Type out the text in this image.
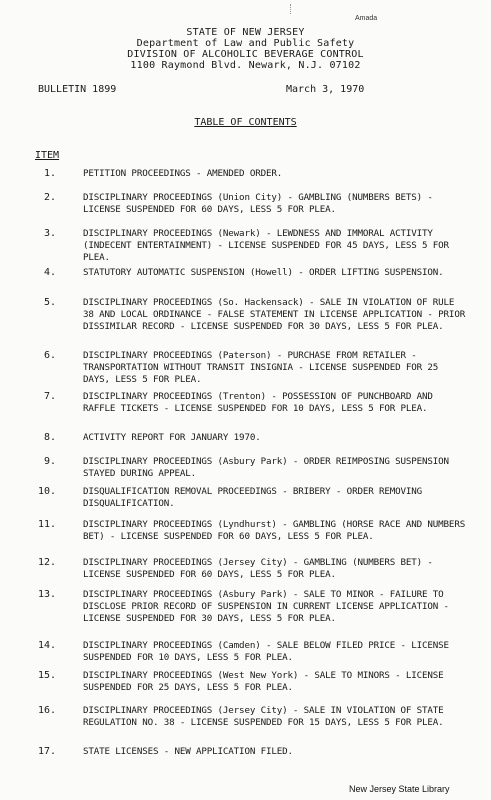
Amada
STATE OF NEW JERSEY
Department of Law and Public Safety
DIVISION OF ALCOHOLIC BEVERAGE CONTROL
1100 Raymond Blvd. Newark, N.J. 07102
BULLETIN 1899	March 3, 1970
TABLE OF CONTENTS
ITEM
1.	PETITION PROCEEDINGS - AMENDED ORDER.
2.	DISCIPLINARY PROCEEDINGS (Union City) - GAMBLING (NUMBERS BETS) - LICENSE SUSPENDED FOR 60 DAYS, LESS 5 FOR PLEA.
3.	DISCIPLINARY PROCEEDINGS (Newark) - LEWDNESS AND IMMORAL ACTIVITY (INDECENT ENTERTAINMENT) - LICENSE SUSPENDED FOR 45 DAYS, LESS 5 FOR PLEA.
4.	STATUTORY AUTOMATIC SUSPENSION (Howell) - ORDER LIFTING SUSPENSION.
5.	DISCIPLINARY PROCEEDINGS (So. Hackensack) - SALE IN VIOLATION OF RULE 38 AND LOCAL ORDINANCE - FALSE STATEMENT IN LICENSE APPLICATION - PRIOR DISSIMILAR RECORD - LICENSE SUSPENDED FOR 30 DAYS, LESS 5 FOR PLEA.
6.	DISCIPLINARY PROCEEDINGS (Paterson) - PURCHASE FROM RETAILER - TRANSPORTATION WITHOUT TRANSIT INSIGNIA - LICENSE SUSPENDED FOR 25 DAYS, LESS 5 FOR PLEA.
7.	DISCIPLINARY PROCEEDINGS (Trenton) - POSSESSION OF PUNCHBOARD AND RAFFLE TICKETS - LICENSE SUSPENDED FOR 10 DAYS, LESS 5 FOR PLEA.
8.	ACTIVITY REPORT FOR JANUARY 1970.
9.	DISCIPLINARY PROCEEDINGS (Asbury Park) - ORDER REIMPOSING SUSPENSION STAYED DURING APPEAL.
10.	DISQUALIFICATION REMOVAL PROCEEDINGS - BRIBERY - ORDER REMOVING DISQUALIFICATION.
11.	DISCIPLINARY PROCEEDINGS (Lyndhurst) - GAMBLING (HORSE RACE AND NUMBERS BET) - LICENSE SUSPENDED FOR 60 DAYS, LESS 5 FOR PLEA.
12.	DISCIPLINARY PROCEEDINGS (Jersey City) - GAMBLING (NUMBERS BET) - LICENSE SUSPENDED FOR 60 DAYS, LESS 5 FOR PLEA.
13.	DISCIPLINARY PROCEEDINGS (Asbury Park) - SALE TO MINOR - FAILURE TO DISCLOSE PRIOR RECORD OF SUSPENSION IN CURRENT LICENSE APPLICATION - LICENSE SUSPENDED FOR 30 DAYS, LESS 5 FOR PLEA.
14.	DISCIPLINARY PROCEEDINGS (Camden) - SALE BELOW FILED PRICE - LICENSE SUSPENDED FOR 10 DAYS, LESS 5 FOR PLEA.
15.	DISCIPLINARY PROCEEDINGS (West New York) - SALE TO MINORS - LICENSE SUSPENDED FOR 25 DAYS, LESS 5 FOR PLEA.
16.	DISCIPLINARY PROCEEDINGS (Jersey City) - SALE IN VIOLATION OF STATE REGULATION NO. 38 - LICENSE SUSPENDED FOR 15 DAYS, LESS 5 FOR PLEA.
17.	STATE LICENSES - NEW APPLICATION FILED.
New Jersey State Library
